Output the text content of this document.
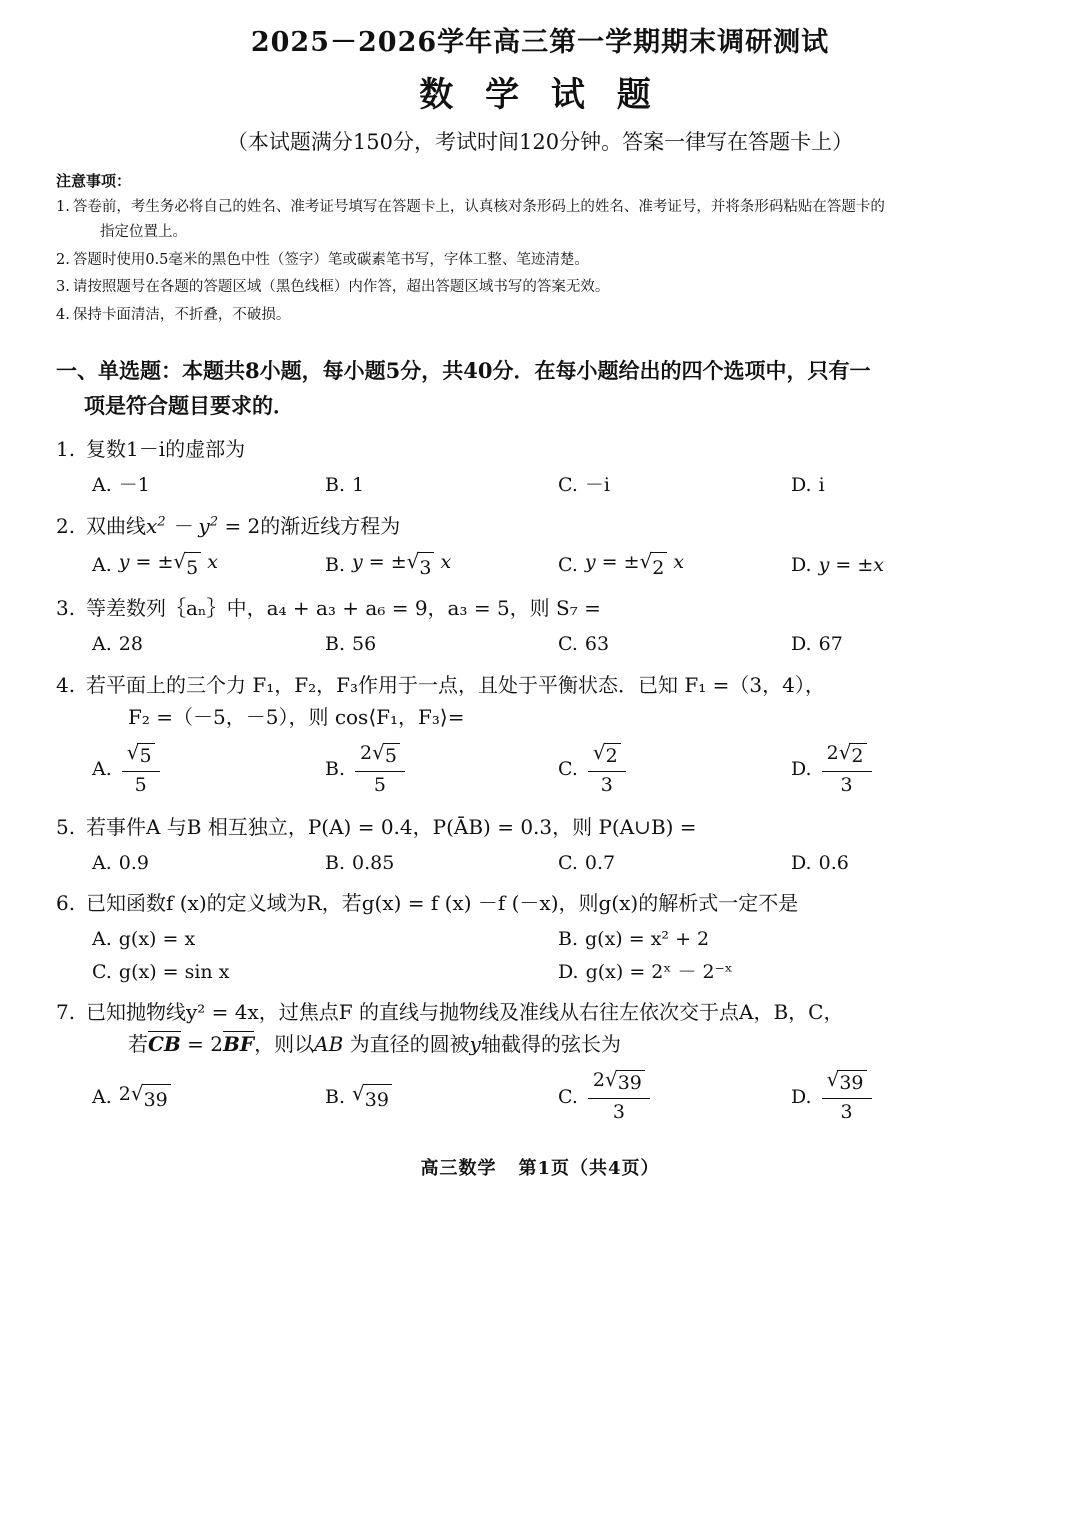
2025－2026学年高三第一学期期末调研测试
数 学 试 题
（本试题满分150分，考试时间120分钟。答案一律写在答题卡上）
注意事项：
1. 答卷前，考生务必将自己的姓名、准考证号填写在答题卡上，认真核对条形码上的姓名、准考证号，并将条形码粘贴在答题卡的
指定位置上。
2. 答题时使用0.5毫米的黑色中性（签字）笔或碳素笔书写，字体工整、笔迹清楚。
3. 请按照题号在各题的答题区域（黑色线框）内作答，超出答题区域书写的答案无效。
4. 保持卡面清洁，不折叠，不破损。
一、单选题：本题共8小题，每小题5分，共40分．在每小题给出的四个选项中，只有一
项是符合题目要求的．
1. 复数1－i的虚部为
A. －1	B. 1	C. －i	D. i
2. 双曲线$x^2 - y^2 = 2$的渐近线方程为
A. y = ± √ 5 x	B. y = ± √ 3 x	C. y = ± √ 2 x	D. y = ±x
3. 等差数列｛aₙ｝中，a₄ + a₃ + a₆ = 9，a₃ = 5，则 S₇ =
A. 28	B. 56	C. 63	D. 67
4. 若平面上的三个力 F₁，F₂，F₃作用于一点，且处于平衡状态．已知 F₁ =（3，4），
F₂ =（－5，－5），则 cos⟨F₁，F₃⟩=
A. $\frac{√ 5}{5}$	B. $\frac{2 √ 5}{5}$	C. $\frac{√ 2}{3}$	D. $\frac{2 √ 2}{3}$
5. 若事件A 与B 相互独立，P(A) = 0.4，P(ĀB) = 0.3，则 P(A∪B) =
A. 0.9	B. 0.85	C. 0.7	D. 0.6
6. 已知函数f (x)的定义域为R，若g(x) = f (x) －f (－x)，则g(x)的解析式一定不是
A. g(x) = x	B. g(x) = x² + 2
C. g(x) = sin x	D. g(x) = 2ˣ － 2⁻ˣ
7. 已知抛物线y² = 4x，过焦点F 的直线与抛物线及准线从右往左依次交于点A，B，C，
若CB = 2BF，则以AB 为直径的圆被y轴截得的弦长为
A. 2 √ 39	B. √ 39	C. $\frac{2 √ 39}{3}$	D. $\frac{√ 39}{3}$
高三数学 第1页（共4页）
